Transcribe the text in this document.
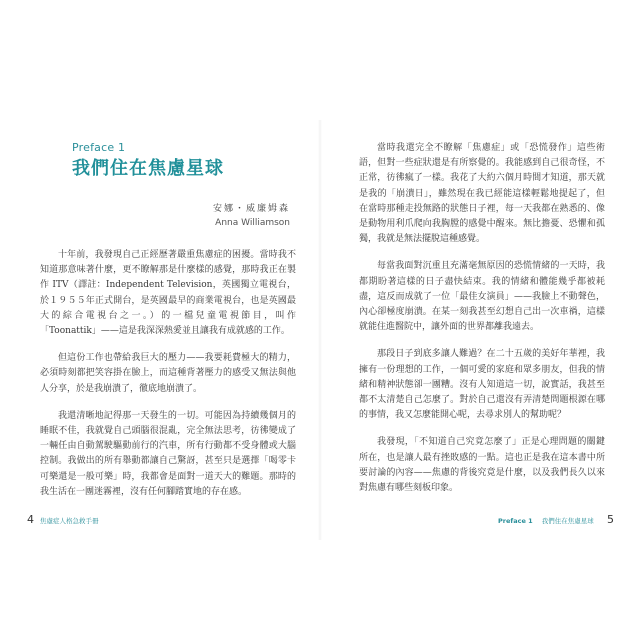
Preface 1
我們住在焦慮星球
安娜・威廉姆森
Anna Williamson

十年前，我發現自己正經歷著嚴重焦慮症的困擾。當時我不知道那意味著什麼，更不瞭解那是什麼樣的感覺，那時我正在製作 ITV（譯註：Independent Television，英國獨立電視台，於１９５５年正式開台，是英國最早的商業電視台，也是英國最大的綜合電視台之一。）的一檔兒童電視節目，叫作「Toonattik」——這是我深深熱愛並且讓我有成就感的工作。

但這份工作也帶給我巨大的壓力——我要耗費極大的精力，必須時刻都把笑容掛在臉上，而這種背著壓力的感受又無法與他人分享，於是我崩潰了，徹底地崩潰了。

我還清晰地記得那一天發生的一切。可能因為持續幾個月的睡眠不佳，我就覺自己頭腦很混亂，完全無法思考，彷彿變成了一輛任由自動駕駛驅動前行的汽車，所有行動都不受身體或大腦控制。我做出的所有舉動都讓自己驚訝，甚至只是選擇「喝零卡可樂還是一般可樂」時，我都會是面對一道天大的難題。那時的我生活在一團迷霧裡，沒有任何腳踏實地的存在感。

4 焦慮症人格急救手冊

當時我還完全不瞭解「焦慮症」或「恐慌發作」這些術語，但對一些症狀還是有所察覺的。我能感到自己很奇怪，不正常，彷彿瘋了一樣。我花了大約六個月時間才知道，那天就是我的「崩潰日」，雖然現在我已經能這樣輕鬆地提起了，但在當時那種走投無路的狀態日子裡，每一天我都在熟悉的、像是動物用利爪爬向我胸膛的感覺中醒來。無比擔憂、恐懼和孤獨，我就是無法擺脫這種感覺。

每當我面對沉重且充滿毫無原因的恐慌情緒的一天時，我都期盼著這樣的日子盡快結束。我的情緒和體能幾乎都被耗盡，這反而成就了一位「最佳女演員」——我臉上不動聲色，內心卻極度崩潰。在某一刻我甚至幻想自己出一次車禍，這樣就能住進醫院中，讓外面的世界都離我遠去。

那段日子到底多讓人難過？在二十五歲的美好年華裡，我擁有一份理想的工作，一個可愛的家庭和眾多朋友，但我的情緒和精神狀態卻一團糟。沒有人知道這一切，說實話，我甚至都不太清楚自己怎麼了。對於自己還沒有弄清楚問題根源在哪的事情，我又怎麼能開心呢，去尋求別人的幫助呢？

我發現，「不知道自己究竟怎麼了」正是心理問題的關鍵所在，也是讓人最有挫敗感的一點。這也正是我在這本書中所要討論的內容——焦慮的背後究竟是什麼，以及我們長久以來對焦慮有哪些刻板印象。

Preface 1 我們住在焦慮星球 5
